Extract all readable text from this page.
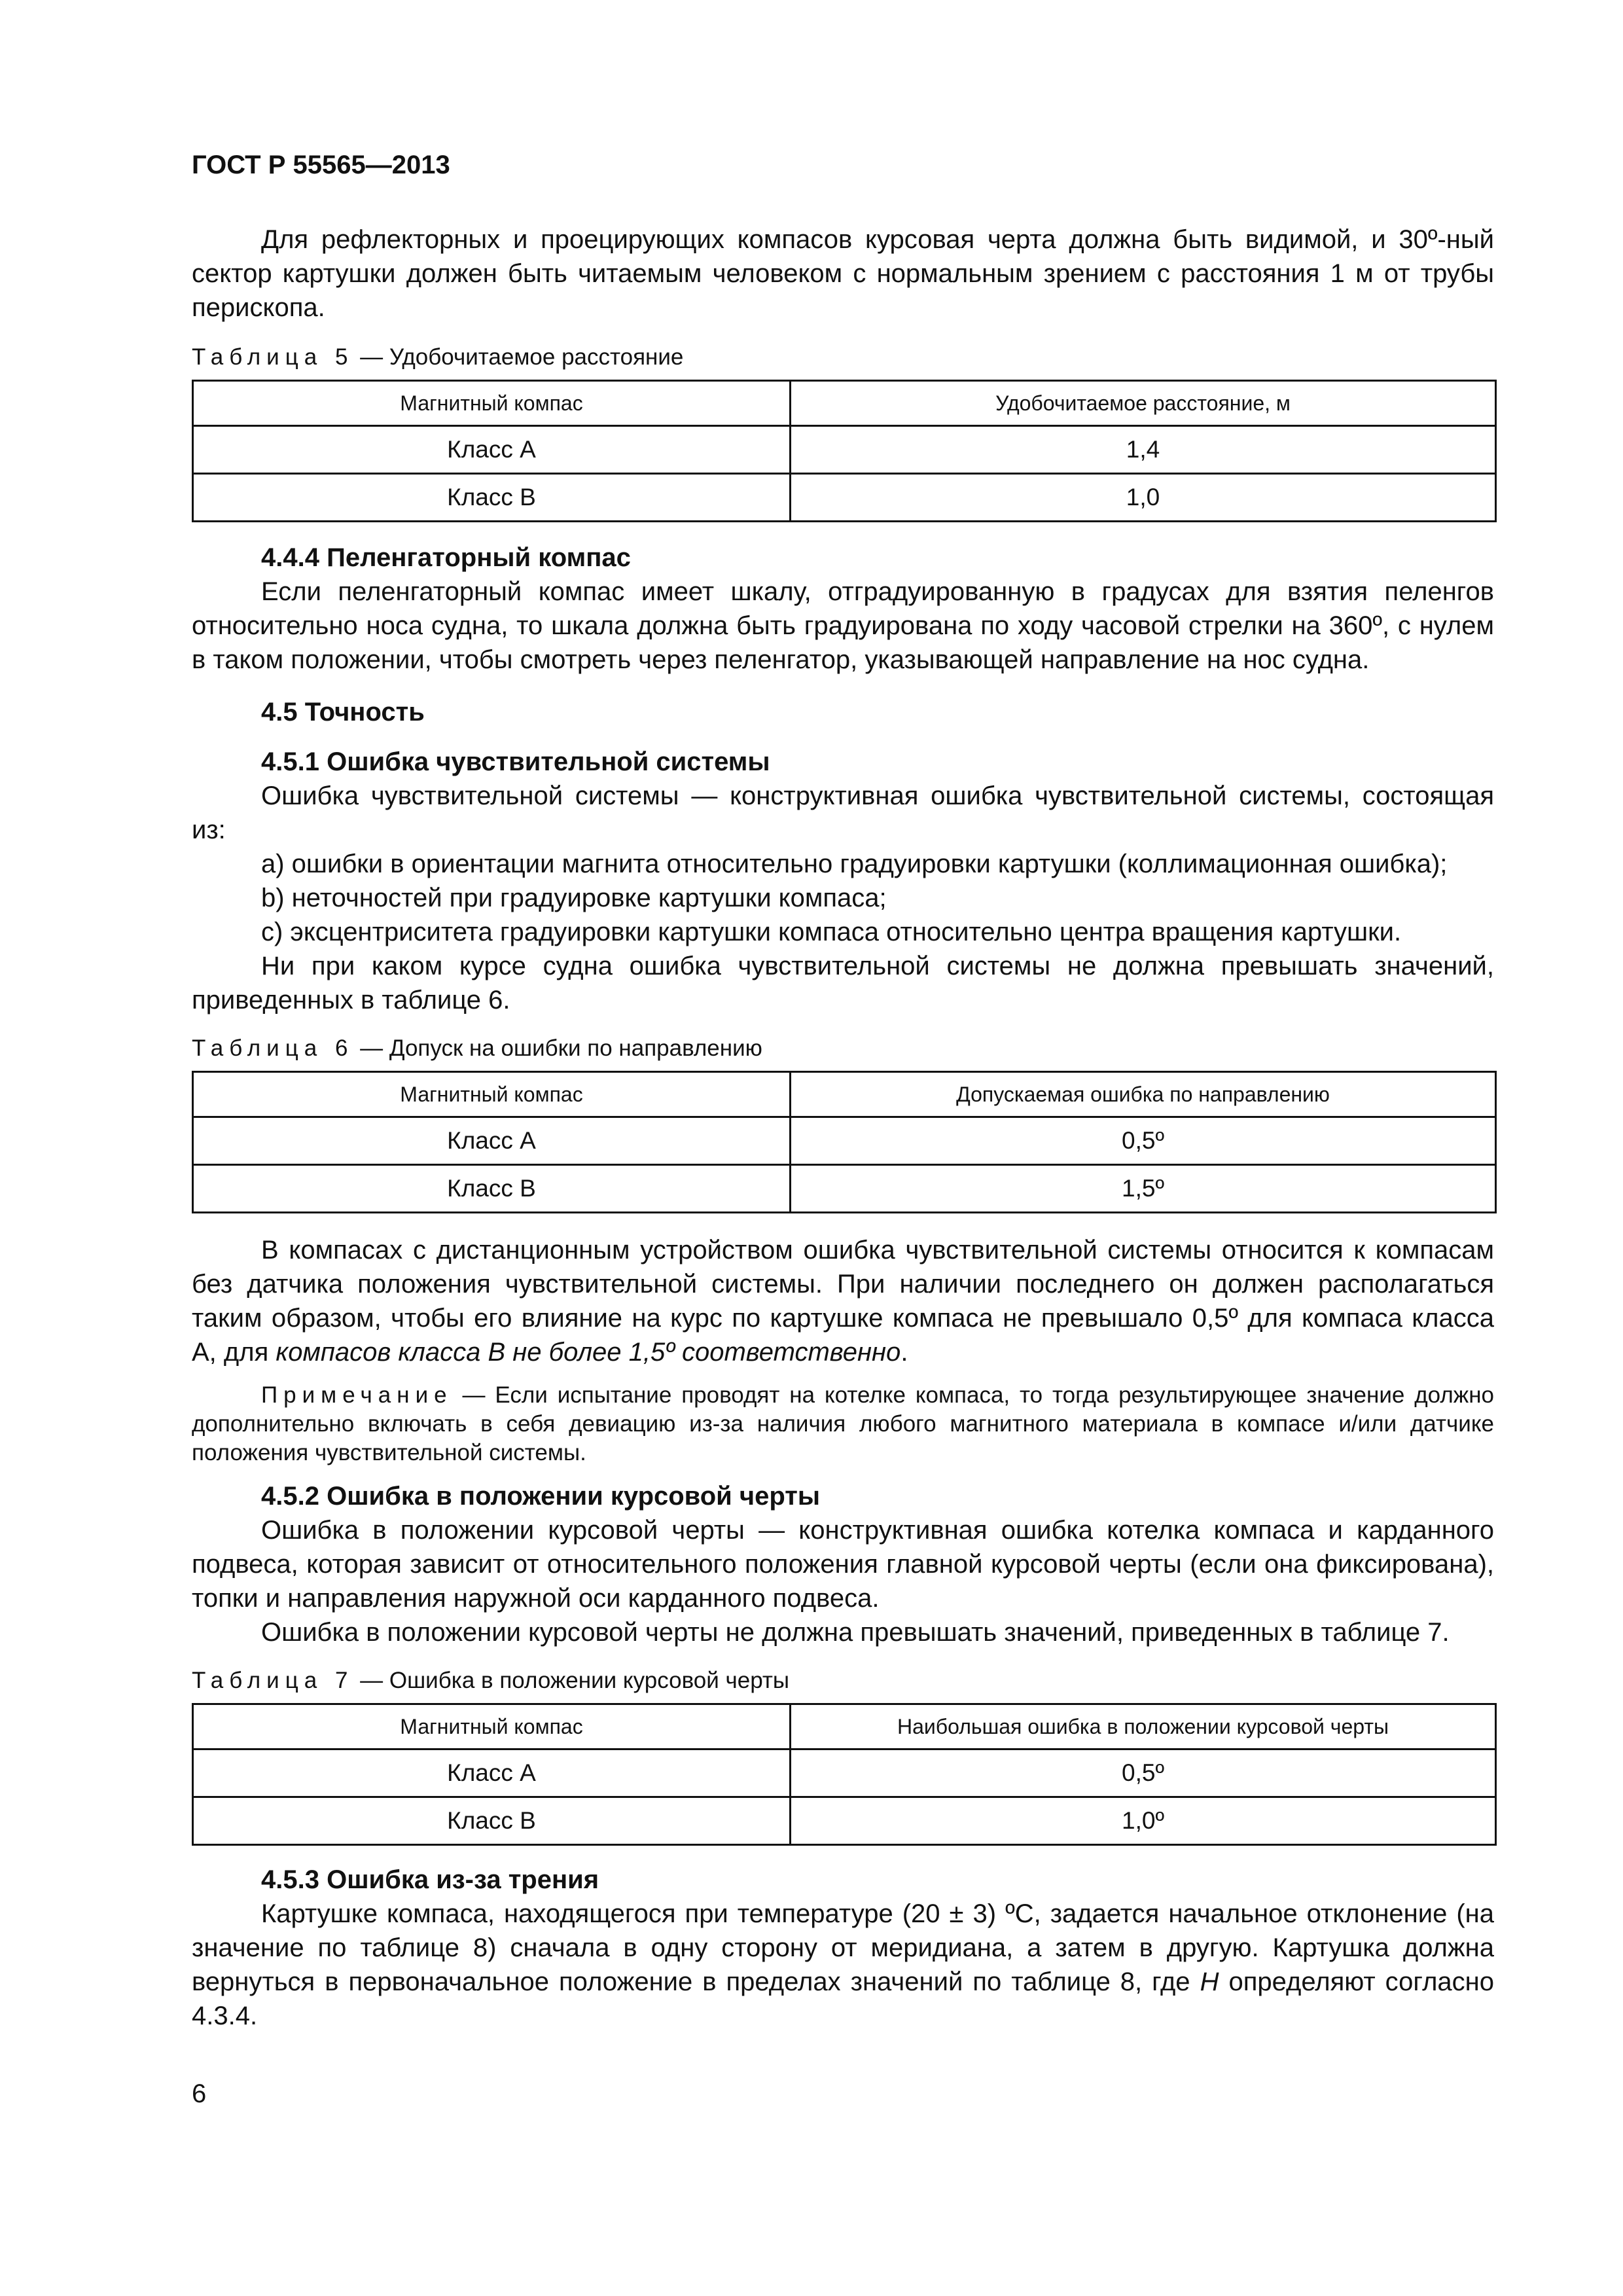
ГОСТ Р 55565—2013

Для рефлекторных и проецирующих компасов курсовая черта должна быть видимой, и 30º-ный сектор картушки должен быть читаемым человеком с нормальным зрением с расстояния 1 м от трубы перископа.

Таблица 5 — Удобочитаемое расстояние
Магнитный компас	Удобочитаемое расстояние, м
Класс А	1,4
Класс В	1,0
4.4.4 Пеленгаторный компас

Если пеленгаторный компас имеет шкалу, отградуированную в градусах для взятия пеленгов относительно носа судна, то шкала должна быть градуирована по ходу часовой стрелки на 360º, с нулем в таком положении, чтобы смотреть через пеленгатор, указывающей направление на нос судна.

4.5 Точность
4.5.1 Ошибка чувствительной системы

Ошибка чувствительной системы — конструктивная ошибка чувствительной системы, состоящая из:

a) ошибки в ориентации магнита относительно градуировки картушки (коллимационная ошибка);

b) неточностей при градуировке картушки компаса;

c) эксцентриситета градуировки картушки компаса относительно центра вращения картушки.

Ни при каком курсе судна ошибка чувствительной системы не должна превышать значений, приведенных в таблице 6.

Таблица 6 — Допуск на ошибки по направлению
Магнитный компас	Допускаемая ошибка по направлению
Класс А	0,5º
Класс В	1,5º

В компасах с дистанционным устройством ошибка чувствительной системы относится к компасам без датчика положения чувствительной системы. При наличии последнего он должен располагаться таким образом, чтобы его влияние на курс по картушке компаса не превышало 0,5º для компаса класса А, для компасов класса В не более 1,5º соответственно.

Примечание — Если испытание проводят на котелке компаса, то тогда результирующее значение должно дополнительно включать в себя девиацию из-за наличия любого магнитного материала в компасе и/или датчике положения чувствительной системы.

4.5.2 Ошибка в положении курсовой черты

Ошибка в положении курсовой черты — конструктивная ошибка котелка компаса и карданного подвеса, которая зависит от относительного положения главной курсовой черты (если она фиксирована), топки и направления наружной оси карданного подвеса.

Ошибка в положении курсовой черты не должна превышать значений, приведенных в таблице 7.

Таблица 7 — Ошибка в положении курсовой черты
Магнитный компас	Наибольшая ошибка в положении курсовой черты
Класс А	0,5º
Класс В	1,0º
4.5.3 Ошибка из-за трения

Картушке компаса, находящегося при температуре (20 ± 3) ºC, задается начальное отклонение (на значение по таблице 8) сначала в одну сторону от меридиана, а затем в другую. Картушка должна вернуться в первоначальное положение в пределах значений по таблице 8, где H определяют согласно 4.3.4.

6
